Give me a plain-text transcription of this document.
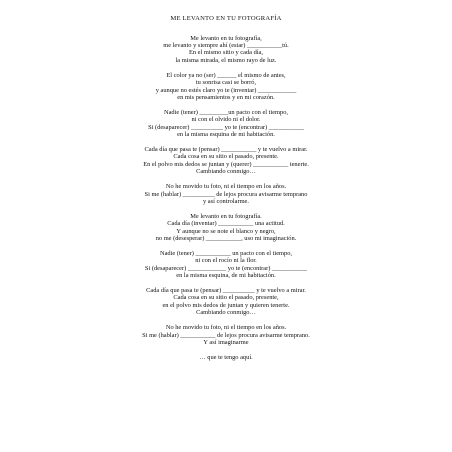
ME LEVANTO EN TU FOTOGRAFÍA
Me levanto en tu fotografía,
me levanto y siempre ahí (estar) ___________tú.
En el mismo sitio y cada día,
la misma mirada, el mismo rayo de luz.
El color ya no (ser) ______ el mismo de antes,
tu sonrisa casi se borró,
y aunque no estés claro yo te (inventar) ____________
en mis pensamientos y en mi corazón.
Nadie (tener) _________un pacto con el tiempo,
ni con el olvido ni el dolor.
Si (desaparecer) __________ yo te (encontrar) ___________
en la misma esquina de mi habitación.
Cada día que pasa te (pensar) ___________ y te vuelvo a mirar.
Cada cosa en su sitio el pasado, presente.
En el polvo mis dedos se juntan y (querer) ___________ tenerte.
Cambiando conmigo…
No he movido tu foto, ni el tiempo en los años.
Si me (hablar) __________ de lejos procura avisarme temprano
y así controlarme.
Me levanto en tu fotografía.
Cada día (inventar) ___________ una actitud.
Y aunque no se note el blanco y negro,
no me (desesperar) ___________, uso mi imaginación.
Nadie (tener) ___________ un pacto con el tiempo,
ni con el rocío ni la flor.
Si (desaparecer) ____________ yo te (encontrar) ___________
en la misma esquina, de mi habitación.
Cada día que pasa te (pensar) __________ y te vuelvo a mirar.
Cada cosa en su sitio el pasado, presente,
en el polvo mis dedos de juntan y quieren tenerte.
Cambiando conmigo…
No he movido tu foto, ni el tiempo en los años.
Si me (hablar) ___________ de lejos procura avisarme temprano.
Y así imaginarme
… que te tengo aquí.
